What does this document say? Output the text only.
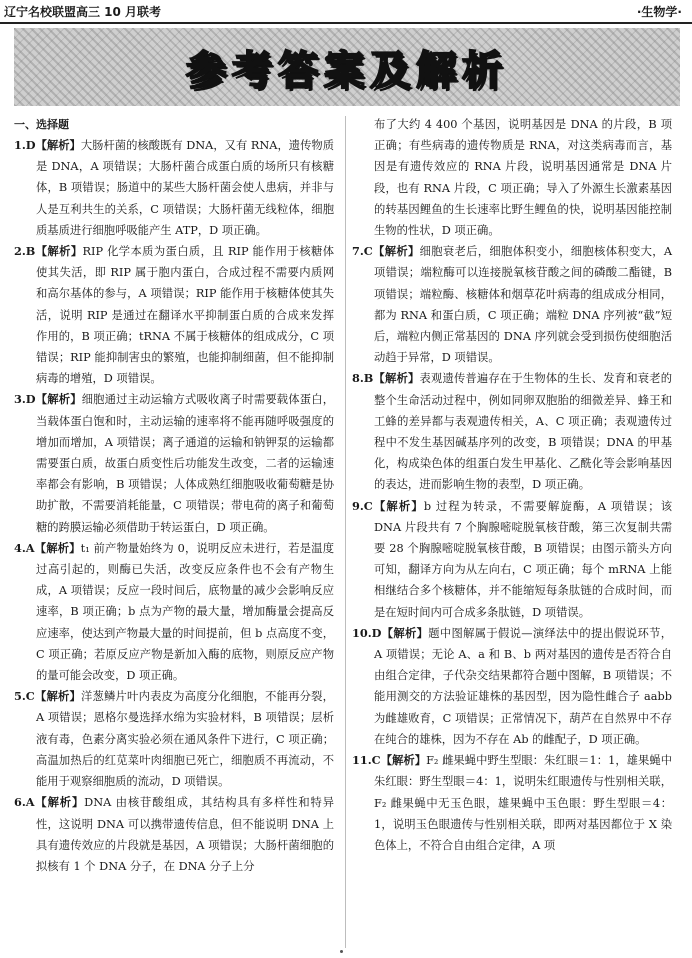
辽宁名校联盟高三 10 月联考	·生物学·
参考答案及解析
一、选择题

1.D【解析】大肠杆菌的核酸既有 DNA，又有 RNA，遗传物质是 DNA，A 项错误；大肠杆菌合成蛋白质的场所只有核糖体，B 项错误；肠道中的某些大肠杆菌会使人患病，并非与人是互利共生的关系，C 项错误；大肠杆菌无线粒体，细胞质基质进行细胞呼吸能产生 ATP，D 项正确。

2.B【解析】RIP 化学本质为蛋白质，且 RIP 能作用于核糖体使其失活，即 RIP 属于胞内蛋白，合成过程不需要内质网和高尔基体的参与，A 项错误；RIP 能作用于核糖体使其失活，说明 RIP 是通过在翻译水平抑制蛋白质的合成来发挥作用的，B 项正确；tRNA 不属于核糖体的组成成分，C 项错误；RIP 能抑制害虫的繁殖，也能抑制细菌，但不能抑制病毒的增殖，D 项错误。

3.D【解析】细胞通过主动运输方式吸收离子时需要载体蛋白，当载体蛋白饱和时，主动运输的速率将不能再随呼吸强度的增加而增加，A 项错误；离子通道的运输和钠钾泵的运输都需要蛋白质，故蛋白质变性后功能发生改变，二者的运输速率都会有影响，B 项错误；人体成熟红细胞吸收葡萄糖是协助扩散，不需要消耗能量，C 项错误；带电荷的离子和葡萄糖的跨膜运输必须借助于转运蛋白，D 项正确。

4.A【解析】t₁ 前产物量始终为 0，说明反应未进行，若是温度过高引起的，则酶已失活，改变反应条件也不会有产物生成，A 项错误；反应一段时间后，底物量的减少会影响反应速率，B 项正确；b 点为产物的最大量，增加酶量会提高反应速率，使达到产物最大量的时间提前，但 b 点高度不变，C 项正确；若原反应产物是新加入酶的底物，则原反应产物的量可能会改变，D 项正确。

5.C【解析】洋葱鳞片叶内表皮为高度分化细胞，不能再分裂，A 项错误；恩格尔曼选择水绵为实验材料，B 项错误；层析液有毒，色素分离实验必须在通风条件下进行，C 项正确；高温加热后的红苋菜叶肉细胞已死亡，细胞质不再流动，不能用于观察细胞质的流动，D 项错误。

6.A【解析】DNA 由核苷酸组成，其结构具有多样性和特异性，这说明 DNA 可以携带遗传信息，但不能说明 DNA 上具有遗传效应的片段就是基因，A 项错误；大肠杆菌细胞的拟核有 1 个 DNA 分子，在 DNA 分子上分

布了大约 4 400 个基因，说明基因是 DNA 的片段，B 项正确；有些病毒的遗传物质是 RNA，对这类病毒而言，基因是有遗传效应的 RNA 片段，说明基因通常是 DNA 片段，也有 RNA 片段，C 项正确；导入了外源生长激素基因的转基因鲤鱼的生长速率比野生鲤鱼的快，说明基因能控制生物的性状，D 项正确。

7.C【解析】细胞衰老后，细胞体积变小，细胞核体积变大，A 项错误；端粒酶可以连接脱氧核苷酸之间的磷酸二酯键，B 项错误；端粒酶、核糖体和烟草花叶病毒的组成成分相同，都为 RNA 和蛋白质，C 项正确；端粒 DNA 序列被“截”短后，端粒内侧正常基因的 DNA 序列就会受到损伤使细胞活动趋于异常，D 项错误。

8.B【解析】表观遗传普遍存在于生物体的生长、发育和衰老的整个生命活动过程中，例如同卵双胞胎的细微差异、蜂王和工蜂的差异都与表观遗传相关，A、C 项正确；表观遗传过程中不发生基因碱基序列的改变，B 项错误；DNA 的甲基化，构成染色体的组蛋白发生甲基化、乙酰化等会影响基因的表达，进而影响生物的表型，D 项正确。

9.C【解析】b 过程为转录，不需要解旋酶，A 项错误；该 DNA 片段共有 7 个胸腺嘧啶脱氧核苷酸，第三次复制共需要 28 个胸腺嘧啶脱氧核苷酸，B 项错误；由图示箭头方向可知，翻译方向为从左向右，C 项正确；每个 mRNA 上能相继结合多个核糖体，并不能缩短每条肽链的合成时间，而是在短时间内可合成多条肽链，D 项错误。

10.D【解析】题中图解属于假说—演绎法中的提出假说环节，A 项错误；无论 A、a 和 B、b 两对基因的遗传是否符合自由组合定律，子代杂交结果都符合题中图解，B 项错误；不能用测交的方法验证雄株的基因型，因为隐性雌合子 aabb 为雌雄败育，C 项错误；正常情况下，葫芦在自然界中不存在纯合的雄株，因为不存在 Ab 的雌配子，D 项正确。

11.C【解析】F₂ 雌果蝇中野生型眼：朱红眼＝1：1，雄果蝇中朱红眼：野生型眼＝4：1，说明朱红眼遗传与性别相关联，F₂ 雌果蝇中无玉色眼，雄果蝇中玉色眼：野生型眼＝4：1，说明玉色眼遗传与性别相关联，即两对基因都位于 X 染色体上，不符合自由组合定律，A 项
